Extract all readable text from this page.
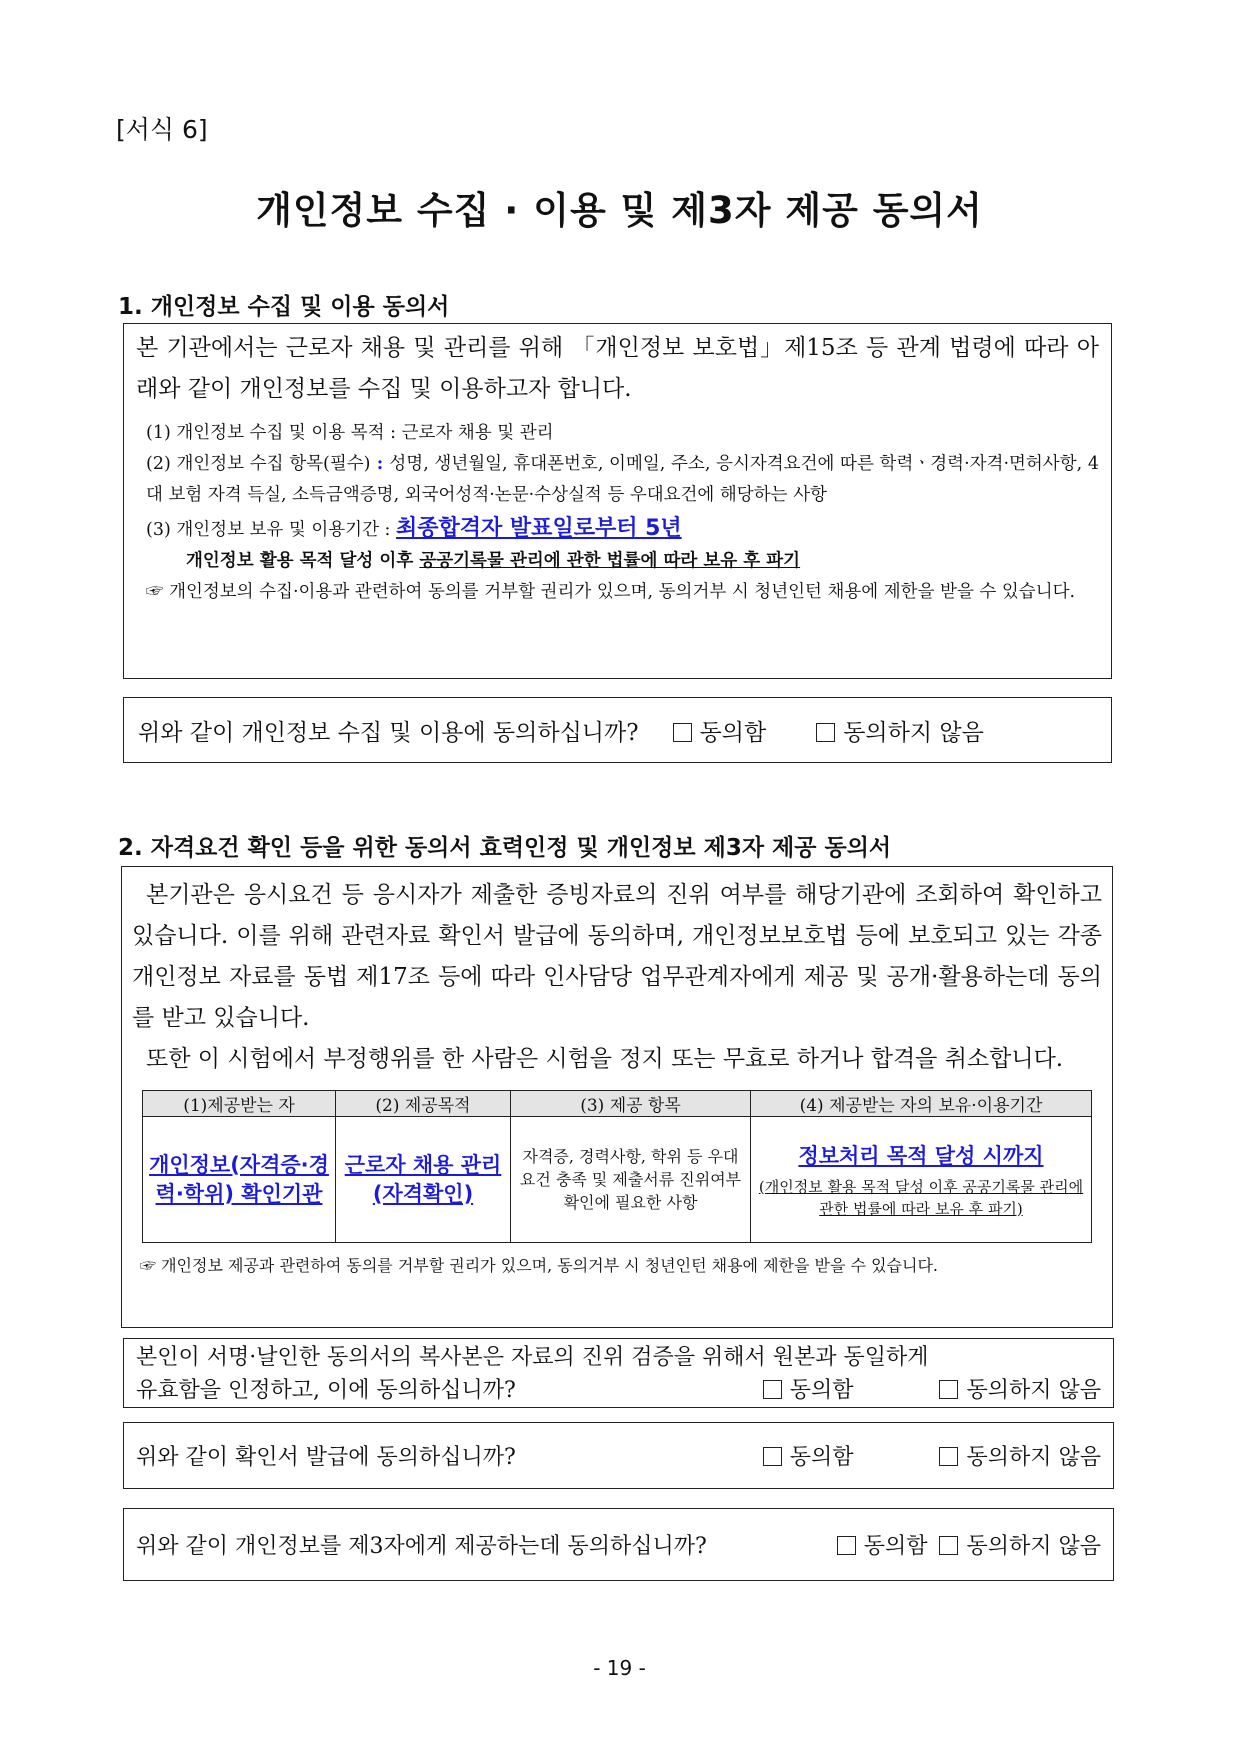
[서식 6]
개인정보 수집 · 이용 및 제3자 제공 동의서
1. 개인정보 수집 및 이용 동의서
본 기관에서는 근로자 채용 및 관리를 위해 「개인정보 보호법」제15조 등 관계 법령에 따라 아래와 같이 개인정보를 수집 및 이용하고자 합니다.
(1) 개인정보 수집 및 이용 목적 : 근로자 채용 및 관리
(2) 개인정보 수집 항목(필수) : 성명, 생년월일, 휴대폰번호, 이메일, 주소, 응시자격요건에 따른 학력ㆍ경력·자격·면허사항, 4대 보험 자격 득실, 소득금액증명, 외국어성적·논문·수상실적 등 우대요건에 해당하는 사항
(3) 개인정보 보유 및 이용기간 : 최종합격자 발표일로부터 5년
개인정보 활용 목적 달성 이후 공공기록물 관리에 관한 법률에 따라 보유 후 파기
☞ 개인정보의 수집·이용과 관련하여 동의를 거부할 권리가 있으며, 동의거부 시 청년인턴 채용에 제한을 받을 수 있습니다.
위와 같이 개인정보 수집 및 이용에 동의하십니까?	동의함	동의하지 않음
2. 자격요건 확인 등을 위한 동의서 효력인정 및 개인정보 제3자 제공 동의서
본기관은 응시요건 등 응시자가 제출한 증빙자료의 진위 여부를 해당기관에 조회하여 확인하고 있습니다. 이를 위해 관련자료 확인서 발급에 동의하며, 개인정보보호법 등에 보호되고 있는 각종 개인정보 자료를 동법 제17조 등에 따라 인사담당 업무관계자에게 제공 및 공개·활용하는데 동의를 받고 있습니다.
또한 이 시험에서 부정행위를 한 사람은 시험을 정지 또는 무효로 하거나 합격을 취소합니다.
(1)제공받는 자	(2) 제공목적	(3) 제공 항목	(4) 제공받는 자의 보유·이용기간
개인정보(자격증·경력·학위) 확인기관	근로자 채용 관리 (자격확인)	자격증, 경력사항, 학위 등 우대요건 충족 및 제출서류 진위여부 확인에 필요한 사항	정보처리 목적 달성 시까지
(개인정보 활용 목적 달성 이후 공공기록물 관리에 관한 법률에 따라 보유 후 파기)
☞ 개인정보 제공과 관련하여 동의를 거부할 권리가 있으며, 동의거부 시 청년인턴 채용에 제한을 받을 수 있습니다.
본인이 서명·날인한 동의서의 복사본은 자료의 진위 검증을 위해서 원본과 동일하게
유효함을 인정하고, 이에 동의하십니까?	동의함	동의하지 않음
위와 같이 확인서 발급에 동의하십니까?	동의함	동의하지 않음
위와 같이 개인정보를 제3자에게 제공하는데 동의하십니까?	동의함	동의하지 않음
- 19 -
